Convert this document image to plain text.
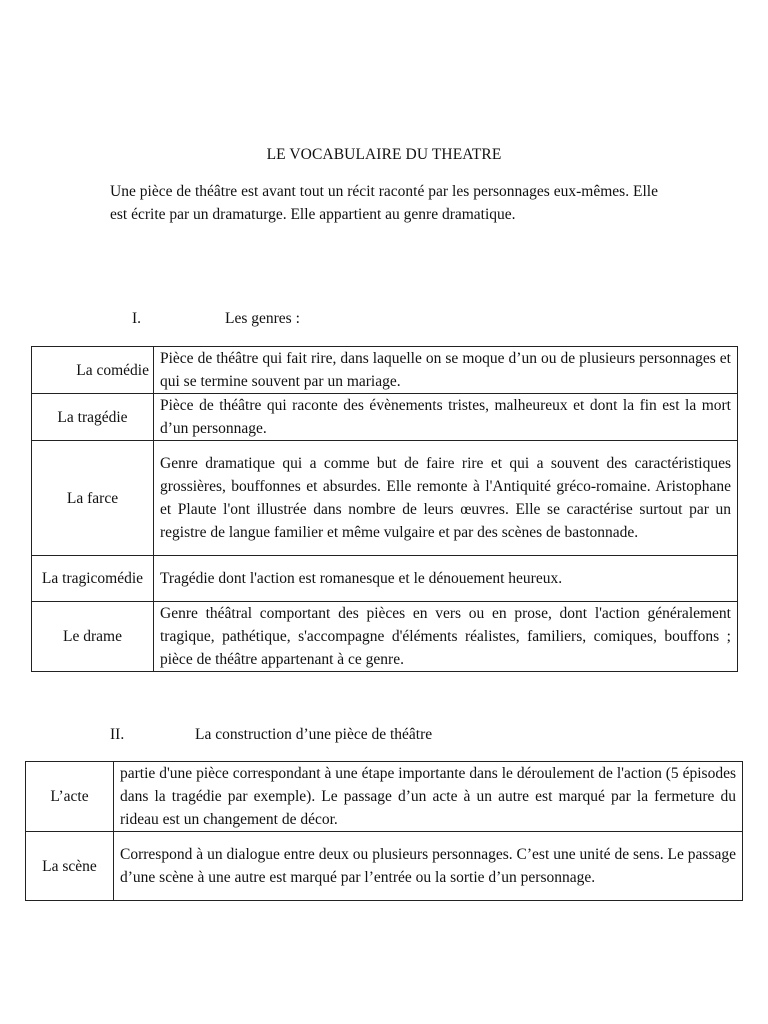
LE VOCABULAIRE DU THEATRE

Une pièce de théâtre est avant tout un récit raconté par les personnages eux-mêmes. Elle est écrite par un dramaturge. Elle appartient au genre dramatique.

I.	Les genres :
La comédie	Pièce de théâtre qui fait rire, dans laquelle on se moque d’un ou de plusieurs personnages et qui se termine souvent par un mariage.
La tragédie	Pièce de théâtre qui raconte des évènements tristes, malheureux et dont la fin est la mort d’un personnage.
La farce	Genre dramatique qui a comme but de faire rire et qui a souvent des caractéristiques grossières, bouffonnes et absurdes. Elle remonte à l'Antiquité gréco-romaine. Aristophane et Plaute l'ont illustrée dans nombre de leurs œuvres. Elle se caractérise surtout par un registre de langue familier et même vulgaire et par des scènes de bastonnade.
La tragicomédie	Tragédie dont l'action est romanesque et le dénouement heureux.
Le drame	Genre théâtral comportant des pièces en vers ou en prose, dont l'action généralement tragique, pathétique, s'accompagne d'éléments réalistes, familiers, comiques, bouffons ; pièce de théâtre appartenant à ce genre.
II.	La construction d’une pièce de théâtre
L’acte	partie d'une pièce correspondant à une étape importante dans le déroulement de l'action (5 épisodes dans la tragédie par exemple). Le passage d’un acte à un autre est marqué par la fermeture du rideau est un changement de décor.
La scène	Correspond à un dialogue entre deux ou plusieurs personnages. C’est une unité de sens. Le passage d’une scène à une autre est marqué par l’entrée ou la sortie d’un personnage.
